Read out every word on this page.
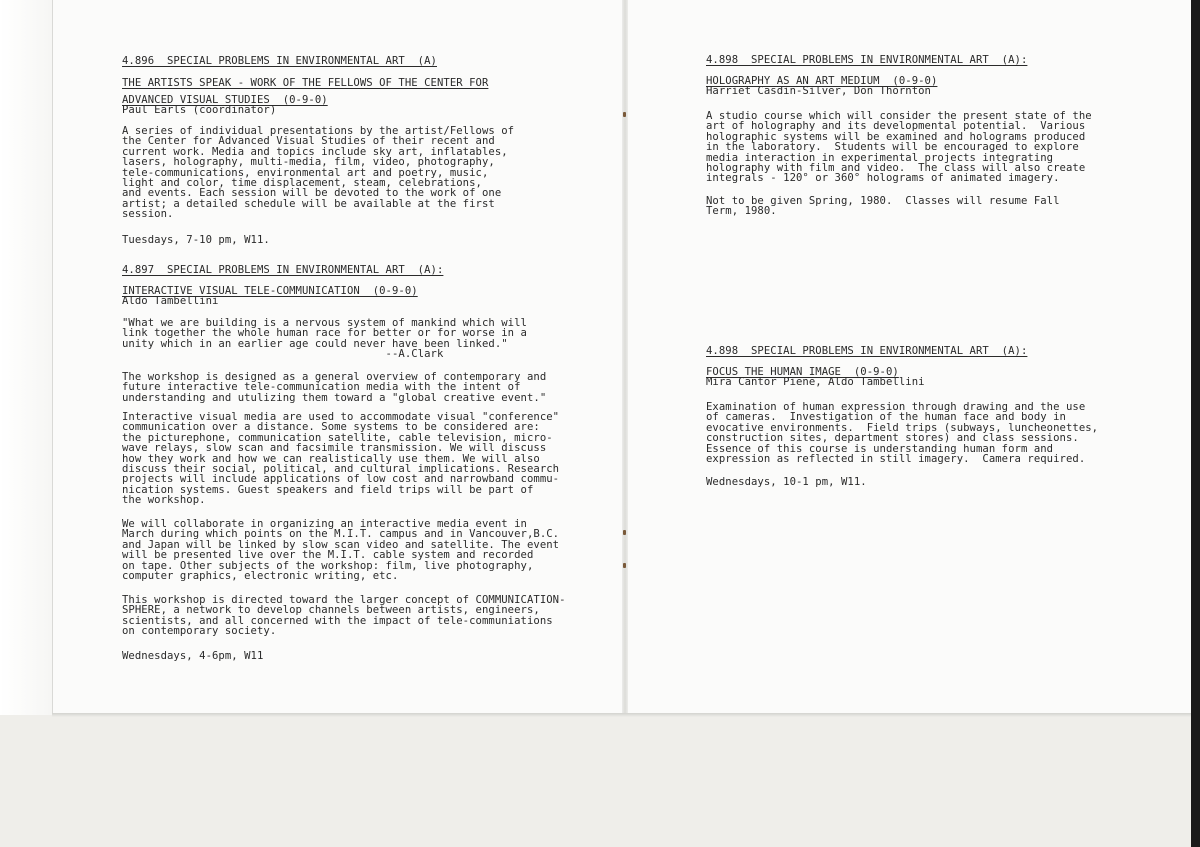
4.896  SPECIAL PROBLEMS IN ENVIRONMENTAL ART  (A)
THE ARTISTS SPEAK - WORK OF THE FELLOWS OF THE CENTER FOR
ADVANCED VISUAL STUDIES  (0-9-0)
Paul Earls (coordinator)
A series of individual presentations by the artist/Fellows of
the Center for Advanced Visual Studies of their recent and
current work. Media and topics include sky art, inflatables,
lasers, holography, multi-media, film, video, photography,
tele-communications, environmental art and poetry, music,
light and color, time displacement, steam, celebrations,
and events. Each session will be devoted to the work of one
artist; a detailed schedule will be available at the first
session.
Tuesdays, 7-10 pm, W11.
4.897  SPECIAL PROBLEMS IN ENVIRONMENTAL ART  (A):
INTERACTIVE VISUAL TELE-COMMUNICATION  (0-9-0)
Aldo Tambellini
"What we are building is a nervous system of mankind which will
link together the whole human race for better or for worse in a
unity which in an earlier age could never have been linked."
--A.Clark
The workshop is designed as a general overview of contemporary and
future interactive tele-communication media with the intent of
understanding and utulizing them toward a "global creative event."
Interactive visual media are used to accommodate visual "conference"
communication over a distance. Some systems to be considered are:
the picturephone, communication satellite, cable television, micro-
wave relays, slow scan and facsimile transmission. We will discuss
how they work and how we can realistically use them. We will also
discuss their social, political, and cultural implications. Research
projects will include applications of low cost and narrowband commu-
nication systems. Guest speakers and field trips will be part of
the workshop.
We will collaborate in organizing an interactive media event in
March during which points on the M.I.T. campus and in Vancouver,B.C.
and Japan will be linked by slow scan video and satellite. The event
will be presented live over the M.I.T. cable system and recorded
on tape. Other subjects of the workshop: film, live photography,
computer graphics, electronic writing, etc.
This workshop is directed toward the larger concept of COMMUNICATION-
SPHERE, a network to develop channels between artists, engineers,
scientists, and all concerned with the impact of tele-communiations
on contemporary society.
Wednesdays, 4-6pm, W11
4.898  SPECIAL PROBLEMS IN ENVIRONMENTAL ART  (A):
HOLOGRAPHY AS AN ART MEDIUM  (0-9-0)
Harriet Casdin-Silver, Don Thornton
A studio course which will consider the present state of the
art of holography and its developmental potential.  Various
holographic systems will be examined and holograms produced
in the laboratory.  Students will be encouraged to explore
media interaction in experimental projects integrating
holography with film and video.  The class will also create
integrals - 120° or 360° holograms of animated imagery.
Not to be given Spring, 1980.  Classes will resume Fall
Term, 1980.
4.898  SPECIAL PROBLEMS IN ENVIRONMENTAL ART  (A):
FOCUS THE HUMAN IMAGE  (0-9-0)
Mira Cantor Piene, Aldo Tambellini
Examination of human expression through drawing and the use
of cameras.  Investigation of the human face and body in
evocative environments.  Field trips (subways, luncheonettes,
construction sites, department stores) and class sessions.
Essence of this course is understanding human form and
expression as reflected in still imagery.  Camera required.
Wednesdays, 10-1 pm, W11.
